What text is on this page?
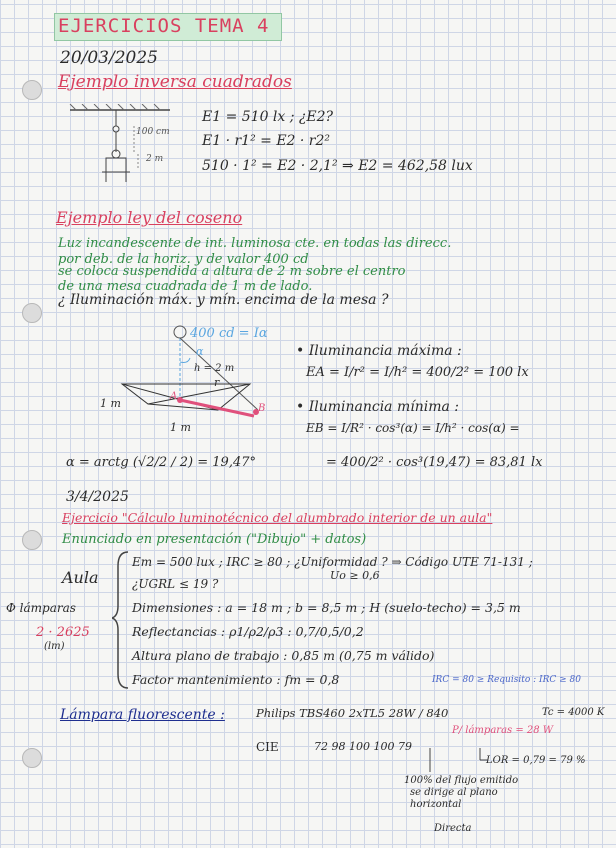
EJERCICIOS TEMA 4
20/03/2025
Ejemplo inversa cuadrados
100 cm
2 m
E1 = 510 lx ; ¿E2?
E1 · r1² = E2 · r2²
510 · 1² = E2 · 2,1² ⇒ E2 = 462,58 lux
Ejemplo ley del coseno
Luz incandescente de int. luminosa cte. en todas las direcc.
por deb. de la horiz. y de valor 400 cd
se coloca suspendida a altura de 2 m sobre el centro
de una mesa cuadrada de 1 m de lado.
¿ Iluminación máx. y mín. encima de la mesa ?
400 cd = Iα
α
h = 2 m
r
A
B
1 m
1 m
• Iluminancia máxima :
EA = I/r² = I/h² = 400/2² = 100 lx
• Iluminancia mínima :
EB = I/R² · cos³(α) = I/h² · cos(α) =
= 400/2² · cos³(19,47) = 83,81 lx
α = arctg (√2/2 / 2) = 19,47°
3/4/2025
Ejercicio "Cálculo luminotécnico del alumbrado interior de un aula"
Enunciado en presentación ("Dibujo" + datos)
Aula
Em = 500 lux ; IRC ≥ 80 ; ¿Uniformidad ? ⇒ Código UTE 71-131 ;
Uo ≥ 0,6
¿UGRL ≤ 19 ?
Dimensiones : a = 18 m ; b = 8,5 m ; H (suelo-techo) = 3,5 m
Reflectancias : ρ1/ρ2/ρ3 : 0,7/0,5/0,2
Altura plano de trabajo : 0,85 m (0,75 m válido)
Factor mantenimiento : fm = 0,8
Φ lámparas
2 · 2625
(lm)
Lámpara fluorescente :	Philips TBS460 2xTL5 28W / 840	Tc = 4000 K
IRC = 80 ≥ Requisito : IRC ≥ 80
P/ lámparas = 28 W
CIE	72 98 100 100 79
LOR = 0,79 = 79 %
100% del flujo emitido
se dirige al plano
horizontal
Directa
